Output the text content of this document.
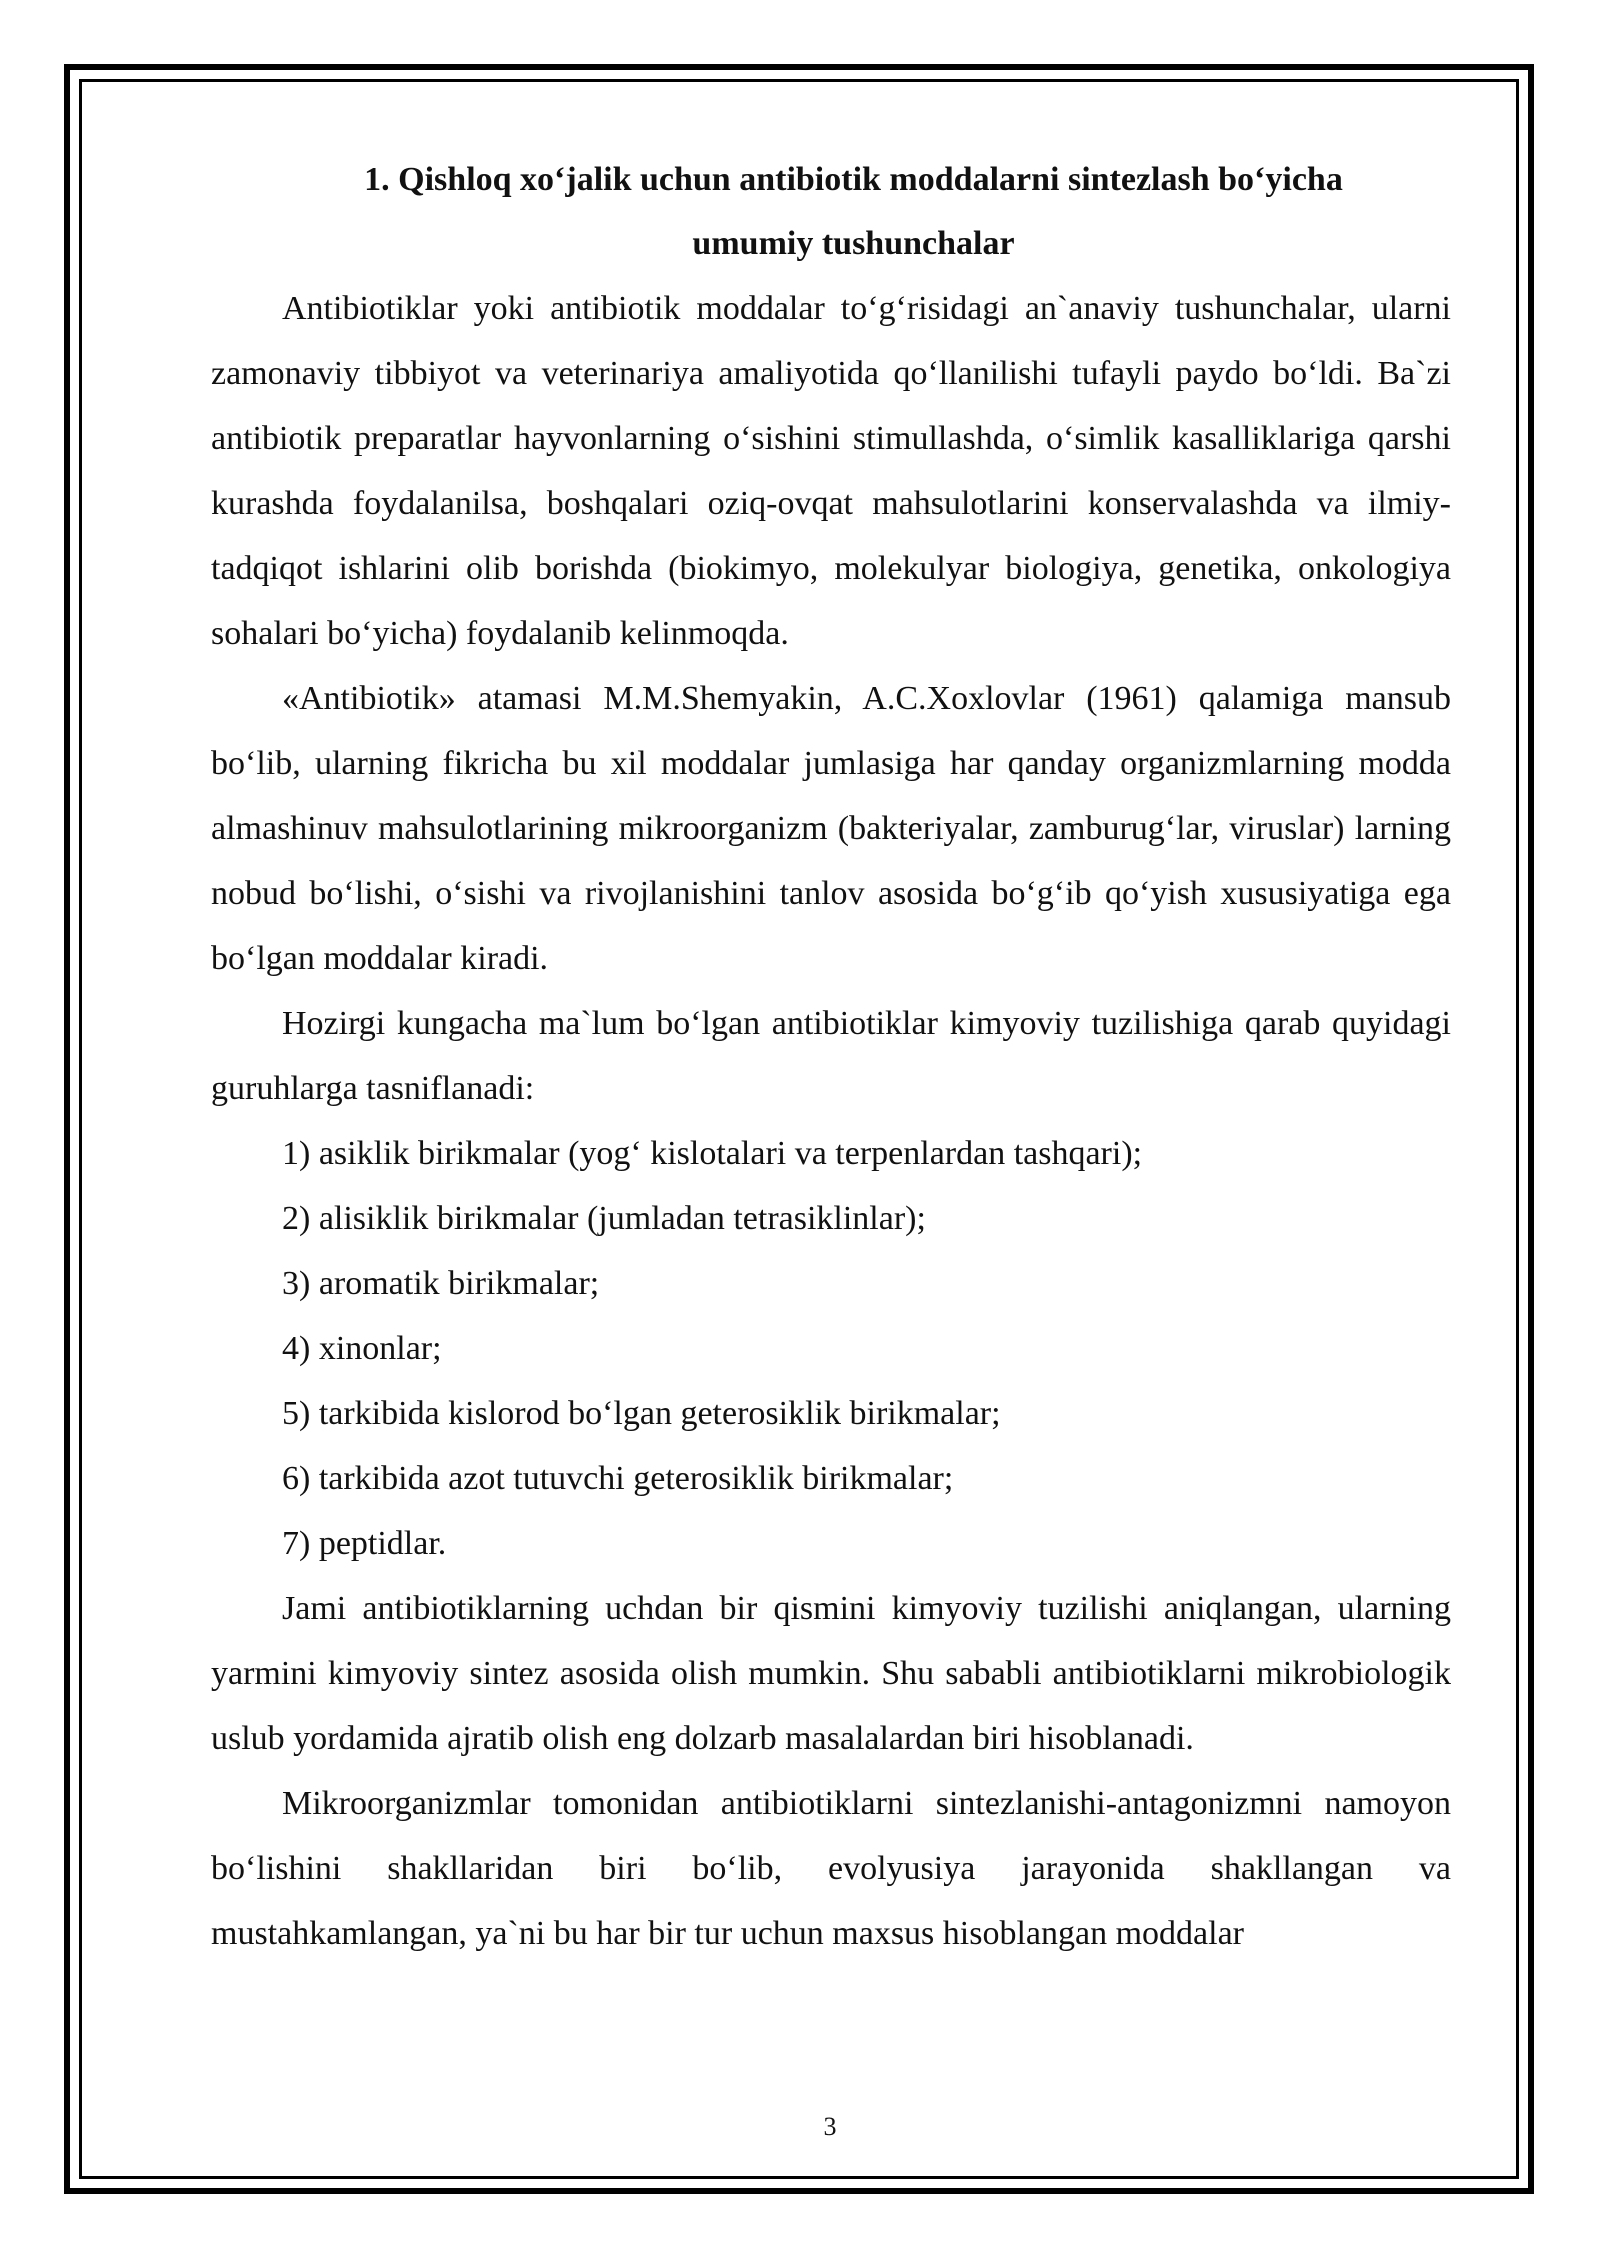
1. Qishloq xo‘jalik uchun antibiotik moddalarni sintezlash bo‘yicha
umumiy tushunchalar

Antibiotiklar yoki antibiotik moddalar to‘g‘risidagi an`anaviy tushunchalar, ularni zamonaviy tibbiyot va veterinariya amaliyotida qo‘llanilishi tufayli paydo bo‘ldi. Ba`zi antibiotik preparatlar hayvonlarning o‘sishini stimullashda, o‘simlik kasalliklariga qarshi kurashda foydalanilsa, boshqalari oziq-ovqat mahsulotlarini konservalashda va ilmiy-tadqiqot ishlarini olib borishda (biokimyo, molekulyar biologiya, genetika, onkologiya sohalari bo‘yicha) foydalanib kelinmoqda.

«Antibiotik» atamasi M.M.Shemyakin, A.C.Xoxlovlar (1961) qalamiga mansub bo‘lib, ularning fikricha bu xil moddalar jumlasiga har qanday organizmlarning modda almashinuv mahsulotlarining mikroorganizm (bakteriyalar, zamburug‘lar, viruslar) larning nobud bo‘lishi, o‘sishi va rivojlanishini tanlov asosida bo‘g‘ib qo‘yish xususiyatiga ega bo‘lgan moddalar kiradi.

Hozirgi kungacha ma`lum bo‘lgan antibiotiklar kimyoviy tuzilishiga qarab quyidagi guruhlarga tasniflanadi:

1) asiklik birikmalar (yog‘ kislotalari va terpenlardan tashqari);

2) alisiklik birikmalar (jumladan tetrasiklinlar);

3) aromatik birikmalar;

4) xinonlar;

5) tarkibida kislorod bo‘lgan geterosiklik birikmalar;

6) tarkibida azot tutuvchi geterosiklik birikmalar;

7) peptidlar.

Jami antibiotiklarning uchdan bir qismini kimyoviy tuzilishi aniqlangan, ularning yarmini kimyoviy sintez asosida olish mumkin. Shu sababli antibiotiklarni mikrobiologik uslub yordamida ajratib olish eng dolzarb masalalardan biri hisoblanadi.

Mikroorganizmlar tomonidan antibiotiklarni sintezlanishi-antagonizmni namoyon bo‘lishini shakllaridan biri bo‘lib, evolyusiya jarayonida shakllangan va mustahkamlangan, ya`ni bu har bir tur uchun maxsus hisoblangan moddalar

3
